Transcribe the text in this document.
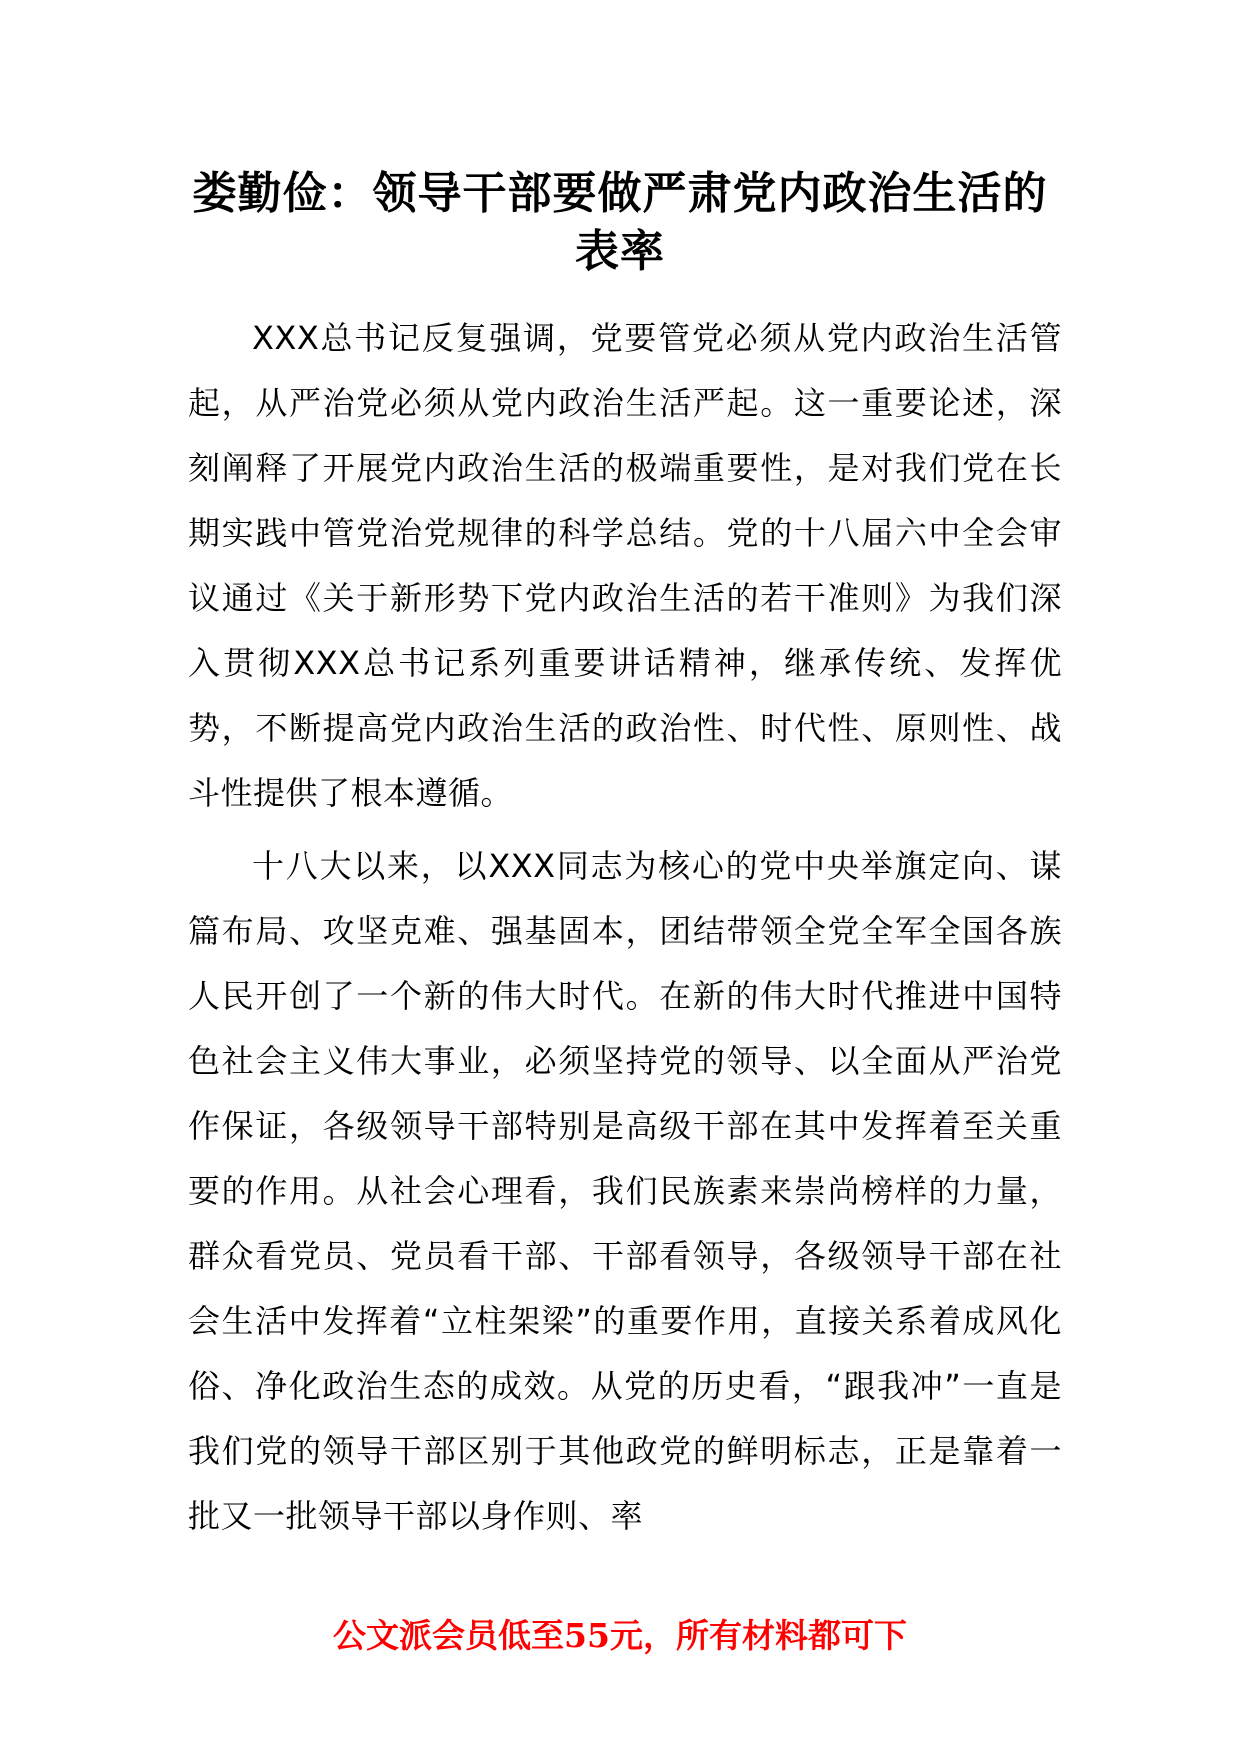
娄勤俭：领导干部要做严肃党内政治生活的表率

XXX总书记反复强调，党要管党必须从党内政治生活管起，从严治党必须从党内政治生活严起。这一重要论述，深刻阐释了开展党内政治生活的极端重要性，是对我们党在长期实践中管党治党规律的科学总结。党的十八届六中全会审议通过《关于新形势下党内政治生活的若干准则》为我们深入贯彻XXX总书记系列重要讲话精神，继承传统、发挥优势，不断提高党内政治生活的政治性、时代性、原则性、战斗性提供了根本遵循。

十八大以来，以XXX同志为核心的党中央举旗定向、谋篇布局、攻坚克难、强基固本，团结带领全党全军全国各族人民开创了一个新的伟大时代。在新的伟大时代推进中国特色社会主义伟大事业，必须坚持党的领导、以全面从严治党作保证，各级领导干部特别是高级干部在其中发挥着至关重要的作用。从社会心理看，我们民族素来崇尚榜样的力量，群众看党员、党员看干部、干部看领导，各级领导干部在社会生活中发挥着“立柱架梁”的重要作用，直接关系着成风化俗、净化政治生态的成效。从党的历史看，“跟我冲”一直是我们党的领导干部区别于其他政党的鲜明标志，正是靠着一批又一批领导干部以身作则、率

公文派会员低至55元，所有材料都可下
